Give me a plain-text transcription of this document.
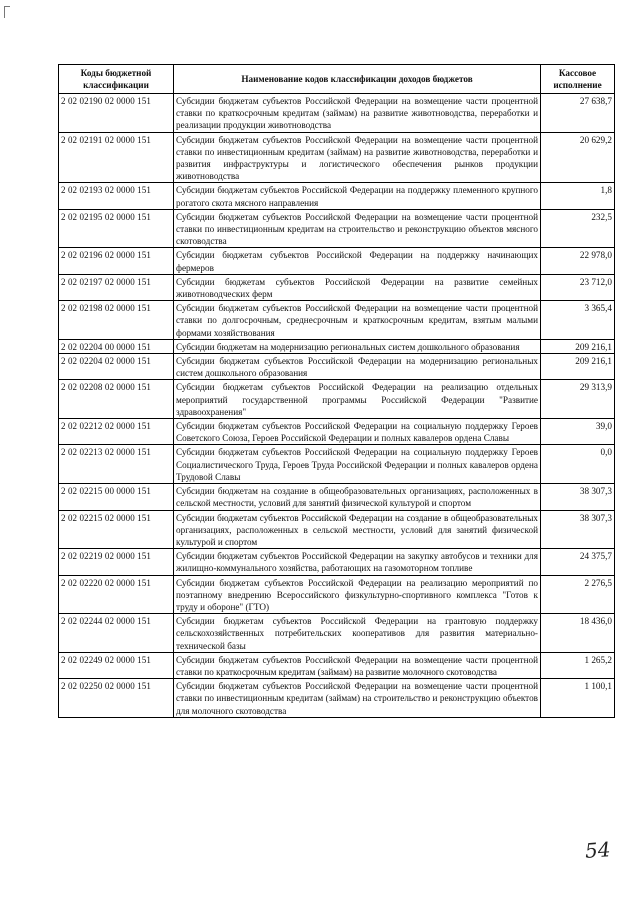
Коды бюджетной классификации	Наименование кодов классификации доходов бюджетов	Кассовое исполнение
2 02 02190 02 0000 151	Субсидии бюджетам субъектов Российской Федерации на возмещение части процентной ставки по краткосрочным кредитам (займам) на развитие животноводства, переработки и реализации продукции животноводства	27 638,7
2 02 02191 02 0000 151	Субсидии бюджетам субъектов Российской Федерации на возмещение части процентной ставки по инвестиционным кредитам (займам) на развитие животноводства, переработки и развития инфраструктуры и логистического обеспечения рынков продукции животноводства	20 629,2
2 02 02193 02 0000 151	Субсидии бюджетам субъектов Российской Федерации на поддержку племенного крупного рогатого скота мясного направления	1,8
2 02 02195 02 0000 151	Субсидии бюджетам субъектов Российской Федерации на возмещение части процентной ставки по инвестиционным кредитам на строительство и реконструкцию объектов мясного скотоводства	232,5
2 02 02196 02 0000 151	Субсидии бюджетам субъектов Российской Федерации на поддержку начинающих фермеров	22 978,0
2 02 02197 02 0000 151	Субсидии бюджетам субъектов Российской Федерации на развитие семейных животноводческих ферм	23 712,0
2 02 02198 02 0000 151	Субсидии бюджетам субъектов Российской Федерации на возмещение части процентной ставки по долгосрочным, среднесрочным и краткосрочным кредитам, взятым малыми формами хозяйствования	3 365,4
2 02 02204 00 0000 151	Субсидии бюджетам на модернизацию региональных систем дошкольного образования	209 216,1
2 02 02204 02 0000 151	Субсидии бюджетам субъектов Российской Федерации на модернизацию региональных систем дошкольного образования	209 216,1
2 02 02208 02 0000 151	Субсидии бюджетам субъектов Российской Федерации на реализацию отдельных мероприятий государственной программы Российской Федерации "Развитие здравоохранения"	29 313,9
2 02 02212 02 0000 151	Субсидии бюджетам субъектов Российской Федерации на социальную поддержку Героев Советского Союза, Героев Российской Федерации и полных кавалеров ордена Славы	39,0
2 02 02213 02 0000 151	Субсидии бюджетам субъектов Российской Федерации на социальную поддержку Героев Социалистического Труда, Героев Труда Российской Федерации и полных кавалеров ордена Трудовой Славы	0,0
2 02 02215 00 0000 151	Субсидии бюджетам на создание в общеобразовательных организациях, расположенных в сельской местности, условий для занятий физической культурой и спортом	38 307,3
2 02 02215 02 0000 151	Субсидии бюджетам субъектов Российской Федерации на создание в общеобразовательных организациях, расположенных в сельской местности, условий для занятий физической культурой и спортом	38 307,3
2 02 02219 02 0000 151	Субсидии бюджетам субъектов Российской Федерации на закупку автобусов и техники для жилищно-коммунального хозяйства, работающих на газомоторном топливе	24 375,7
2 02 02220 02 0000 151	Субсидии бюджетам субъектов Российской Федерации на реализацию мероприятий по поэтапному внедрению Всероссийского физкультурно-спортивного комплекса "Готов к труду и обороне" (ГТО)	2 276,5
2 02 02244 02 0000 151	Субсидии бюджетам субъектов Российской Федерации на грантовую поддержку сельскохозяйственных потребительских кооперативов для развития материально-технической базы	18 436,0
2 02 02249 02 0000 151	Субсидии бюджетам субъектов Российской Федерации на возмещение части процентной ставки по краткосрочным кредитам (займам) на развитие молочного скотоводства	1 265,2
2 02 02250 02 0000 151	Субсидии бюджетам субъектов Российской Федерации на возмещение части процентной ставки по инвестиционным кредитам (займам) на строительство и реконструкцию объектов для молочного скотоводства	1 100,1
54
